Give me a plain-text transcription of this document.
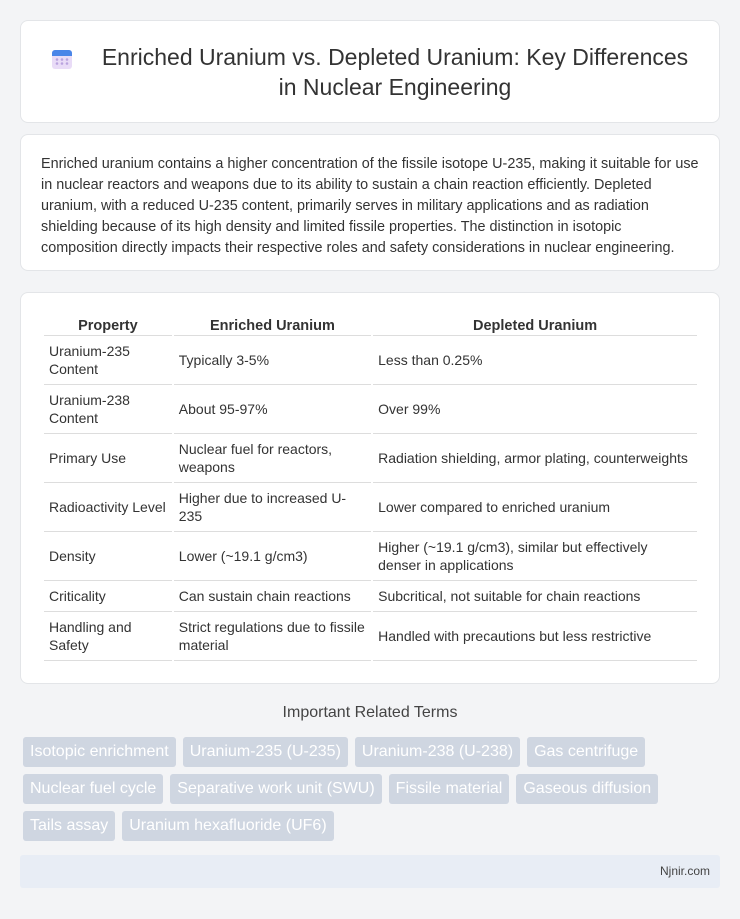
Enriched Uranium vs. Depleted Uranium: Key Differences in Nuclear Engineering

Enriched uranium contains a higher concentration of the fissile isotope U-235, making it suitable for use in nuclear reactors and weapons due to its ability to sustain a chain reaction efficiently. Depleted uranium, with a reduced U-235 content, primarily serves in military applications and as radiation shielding because of its high density and limited fissile properties. The distinction in isotopic composition directly impacts their respective roles and safety considerations in nuclear engineering.

Property	Enriched Uranium	Depleted Uranium
Uranium-235 Content	Typically 3-5%	Less than 0.25%
Uranium-238 Content	About 95-97%	Over 99%
Primary Use	Nuclear fuel for reactors, weapons	Radiation shielding, armor plating, counterweights
Radioactivity Level	Higher due to increased U-235	Lower compared to enriched uranium
Density	Lower (~19.1 g/cm3)	Higher (~19.1 g/cm3), similar but effectively denser in applications
Criticality	Can sustain chain reactions	Subcritical, not suitable for chain reactions
Handling and Safety	Strict regulations due to fissile material	Handled with precautions but less restrictive
Important Related Terms
Isotopic enrichment	Uranium-235 (U-235)	Uranium-238 (U-238)	Gas centrifuge
Nuclear fuel cycle	Separative work unit (SWU)	Fissile material	Gaseous diffusion
Tails assay	Uranium hexafluoride (UF6)
Njnir.com
